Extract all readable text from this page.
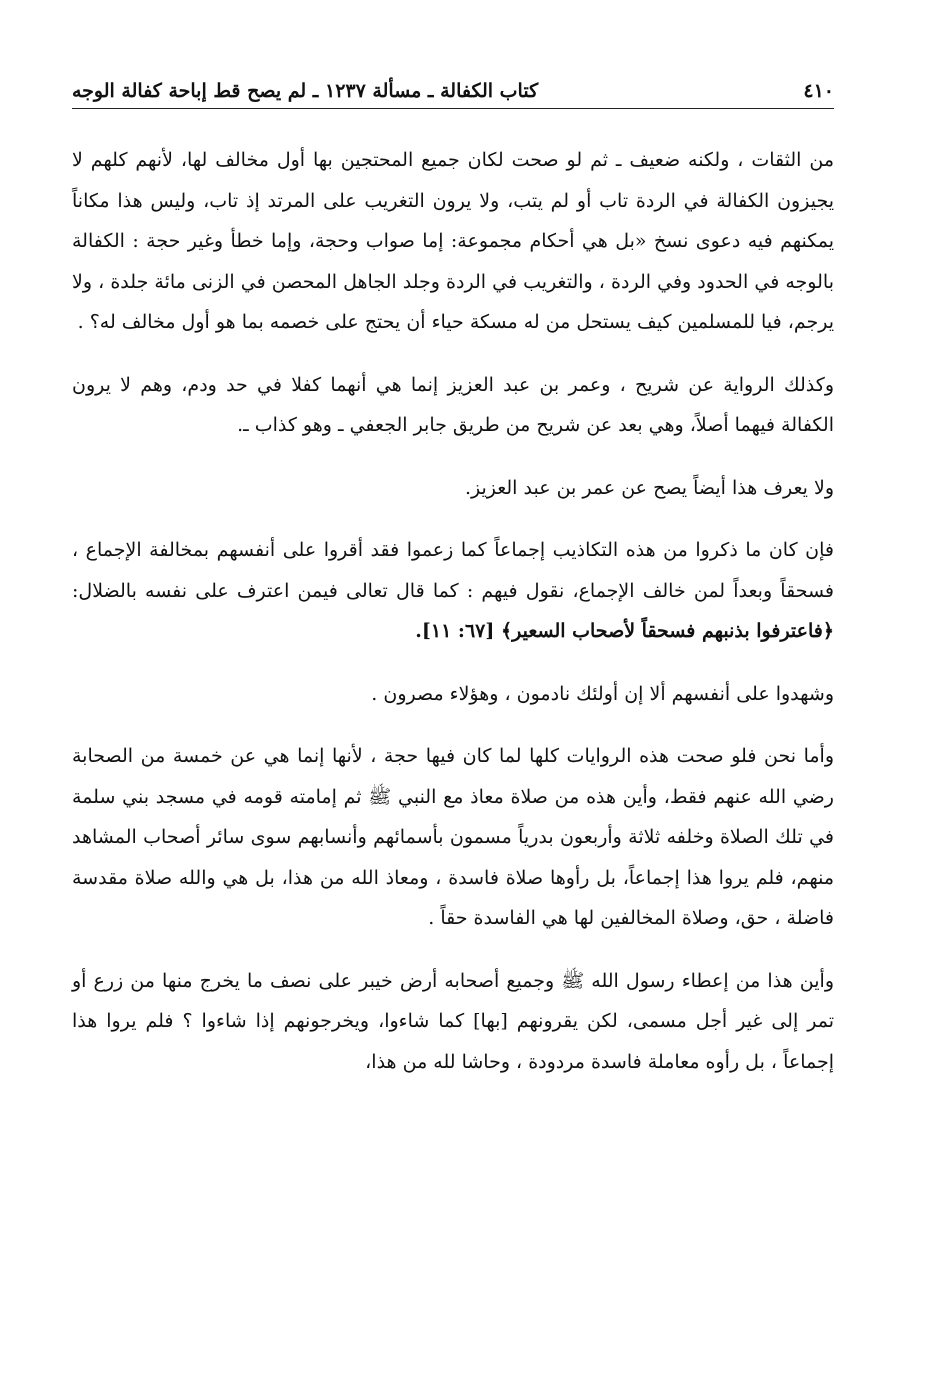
٤١٠
كتاب الكفالة ـ مسألة ١٢٣٧ ـ لم يصح قط إباحة كفالة الوجه

من الثقات ، ولكنه ضعيف ـ ثم لو صحت لكان جميع المحتجين بها أول مخالف لها، لأنهم كلهم لا يجيزون الكفالة في الردة تاب أو لم يتب، ولا يرون التغريب على المرتد إذ تاب، وليس هذا مكاناً يمكنهم فيه دعوى نسخ «بل هي أحكام مجموعة: إما صواب وحجة، وإما خطأ وغير حجة : الكفالة بالوجه في الحدود وفي الردة ، والتغريب في الردة وجلد الجاهل المحصن في الزنى مائة جلدة ، ولا يرجم، فيا للمسلمين كيف يستحل من له مسكة حياء أن يحتج على خصمه بما هو أول مخالف له؟ .

وكذلك الرواية عن شريح ، وعمر بن عبد العزيز إنما هي أنهما كفلا في حد ودم، وهم لا يرون الكفالة فيهما أصلاً، وهي بعد عن شريح من طريق جابر الجعفي ـ وهو كذاب ـ.

ولا يعرف هذا أيضاً يصح عن عمر بن عبد العزيز.

فإن كان ما ذكروا من هذه التكاذيب إجماعاً كما زعموا فقد أقروا على أنفسهم بمخالفة الإجماع ، فسحقاً وبعداً لمن خالف الإجماع، نقول فيهم : كما قال تعالى فيمن اعترف على نفسه بالضلال: ﴿فاعترفوا بذنبهم فسحقاً لأصحاب السعير﴾ [٦٧: ١١].

وشهدوا على أنفسهم ألا إن أولئك نادمون ، وهؤلاء مصرون .

وأما نحن فلو صحت هذه الروايات كلها لما كان فيها حجة ، لأنها إنما هي عن خمسة من الصحابة رضي الله عنهم فقط، وأين هذه من صلاة معاذ مع النبي ﷺ ثم إمامته قومه في مسجد بني سلمة في تلك الصلاة وخلفه ثلاثة وأربعون بدرياً مسمون بأسمائهم وأنسابهم سوى سائر أصحاب المشاهد منهم، فلم يروا هذا إجماعاً، بل رأوها صلاة فاسدة ، ومعاذ الله من هذا، بل هي والله صلاة مقدسة فاضلة ، حق، وصلاة المخالفين لها هي الفاسدة حقاً .

وأين هذا من إعطاء رسول الله ﷺ وجميع أصحابه أرض خيبر على نصف ما يخرج منها من زرع أو تمر إلى غير أجل مسمى، لكن يقرونهم [بها] كما شاءوا، ويخرجونهم إذا شاءوا ؟ فلم يروا هذا إجماعاً ، بل رأوه معاملة فاسدة مردودة ، وحاشا لله من هذا،
